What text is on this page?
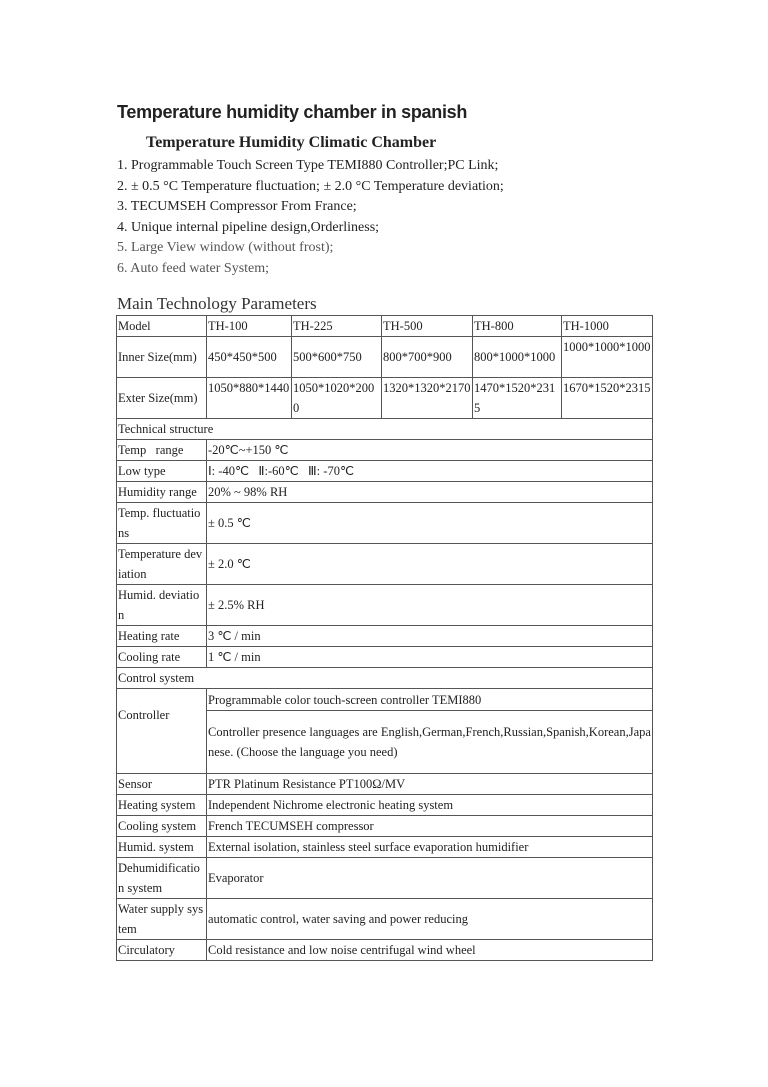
Temperature humidity chamber in spanish
Temperature Humidity Climatic Chamber
1. Programmable Touch Screen Type TEMI880 Controller;PC Link;
2. ± 0.5 °C Temperature fluctuation; ± 2.0 °C Temperature deviation;
3. TECUMSEH Compressor From France;
4. Unique internal pipeline design,Orderliness;
5. Large View window (without frost);
6. Auto feed water System;
Main Technology Parameters
Model	TH-100	TH-225	TH-500	TH-800	TH-1000
Inner Size(mm)	450*450*500	500*600*750	800*700*900	800*1000*1000	1000*1000*1000
Exter Size(mm)	1050*880*1440	1050*1020*2000	1320*1320*2170	1470*1520*2315	1670*1520*2315
Technical structure					
Temp   range	-20℃~+150 ℃				
Low type	Ⅰ: -40℃   Ⅱ:-60℃   Ⅲ: -70℃				
Humidity range	20% ~ 98% RH				
Temp. fluctuations	± 0.5 ℃				
Temperature deviation	± 2.0 ℃				
Humid. deviation	± 2.5% RH				
Heating rate	3 ℃ / min				
Cooling rate	1 ℃ / min				
Control system					
Controller	Programmable color touch-screen controller TEMI880				
	Controller presence languages are English,German,French,Russian,Spanish,Korean,Japanese. (Choose the language you need)				
Sensor	PTR Platinum Resistance PT100Ω/MV				
Heating system	Independent Nichrome electronic heating system				
Cooling system	French TECUMSEH compressor				
Humid. system	External isolation, stainless steel surface evaporation humidifier				
Dehumidification system	Evaporator				
Water supply system	automatic control, water saving and power reducing				
Circulatory	Cold resistance and low noise centrifugal wind wheel				
